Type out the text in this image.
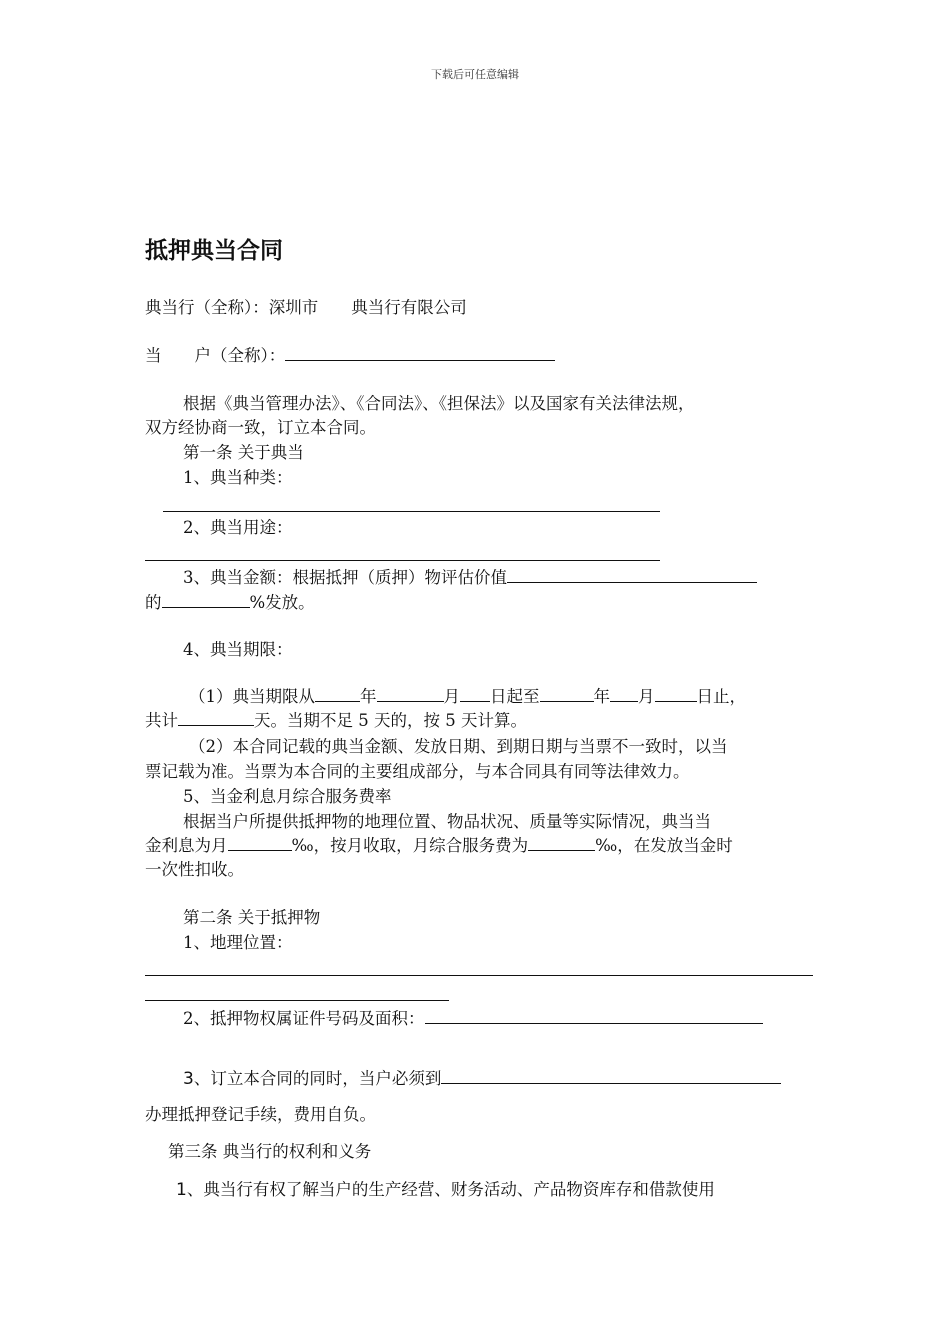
下载后可任意编辑
抵押典当合同
典当行（全称）：深圳市　　典当行有限公司
当　　户（全称）：
根据《典当管理办法》、《合同法》、《担保法》以及国家有关法律法规，
双方经协商一致，订立本合同。
第一条 关于典当
1、典当种类：
2、典当用途：
3、典当金额：根据抵押（质押）物评估价值
的	%发放。
4、典当期限：
（1）典当期限从	年	月 日起至	年 月	日止，
共计	天。当期不足 5 天的，按 5 天计算。
（2）本合同记载的典当金额、发放日期、到期日期与当票不一致时，以当
票记载为准。当票为本合同的主要组成部分，与本合同具有同等法律效力。
5、当金利息月综合服务费率
根据当户所提供抵押物的地理位置、物品状况、质量等实际情况，典当当
金利息为月	‰，按月收取，月综合服务费为	‰，在发放当金时
一次性扣收。
第二条 关于抵押物
1、地理位置：
2、抵押物权属证件号码及面积：
3、订立本合同的同时，当户必须到
办理抵押登记手续，费用自负。
第三条 典当行的权利和义务
1、典当行有权了解当户的生产经营、财务活动、产品物资库存和借款使用
